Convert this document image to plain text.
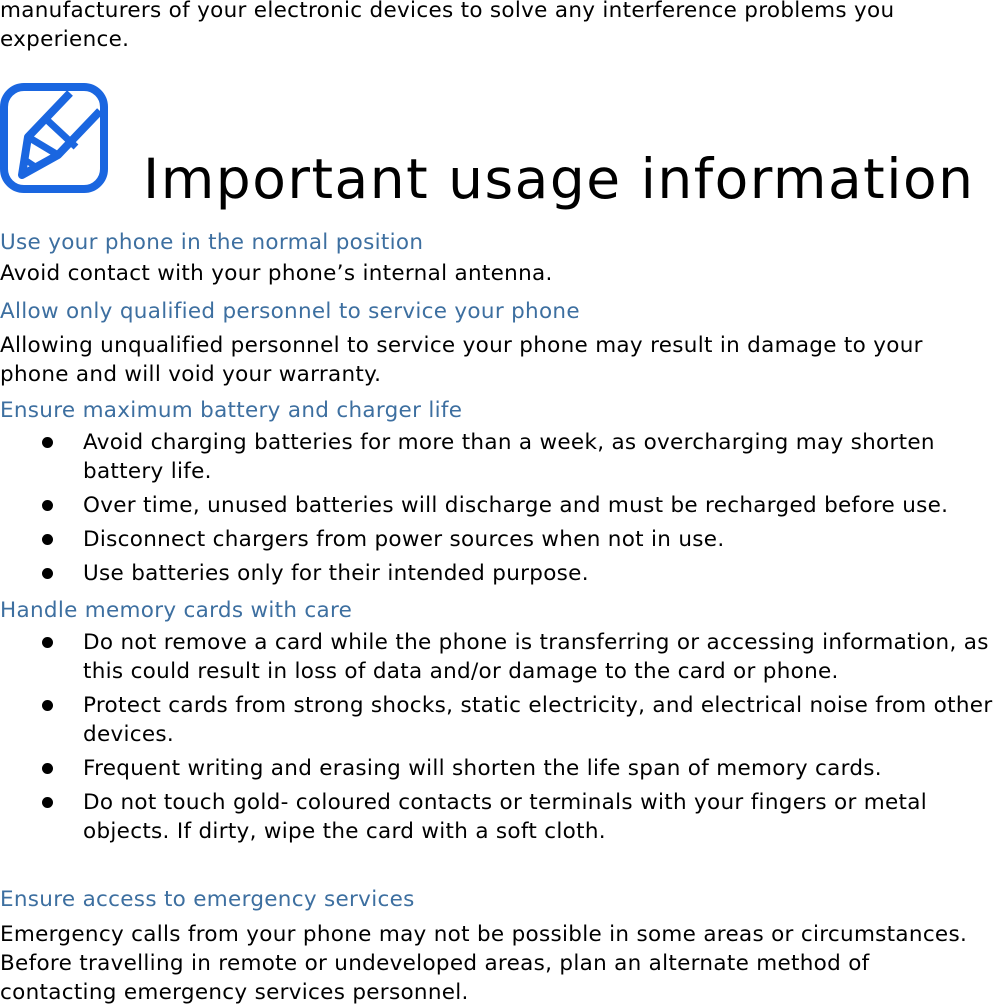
manufacturers of your electronic devices to solve any interference problems you experience.

Important usage information
Use your phone in the normal position

Avoid contact with your phone’s internal antenna.

Allow only qualified personnel to service your phone

Allowing unqualified personnel to service your phone may result in damage to your phone and will void your warranty.

Ensure maximum battery and charger life
Avoid charging batteries for more than a week, as overcharging may shorten battery life.
Over time, unused batteries will discharge and must be recharged before use.
Disconnect chargers from power sources when not in use.
Use batteries only for their intended purpose.
Handle memory cards with care
Do not remove a card while the phone is transferring or accessing information, as this could result in loss of data and/or damage to the card or phone.
Protect cards from strong shocks, static electricity, and electrical noise from other devices.
Frequent writing and erasing will shorten the life span of memory cards.
Do not touch gold- coloured contacts or terminals with your fingers or metal objects. If dirty, wipe the card with a soft cloth.
Ensure access to emergency services

Emergency calls from your phone may not be possible in some areas or circumstances. Before travelling in remote or undeveloped areas, plan an alternate method of contacting emergency services personnel.
